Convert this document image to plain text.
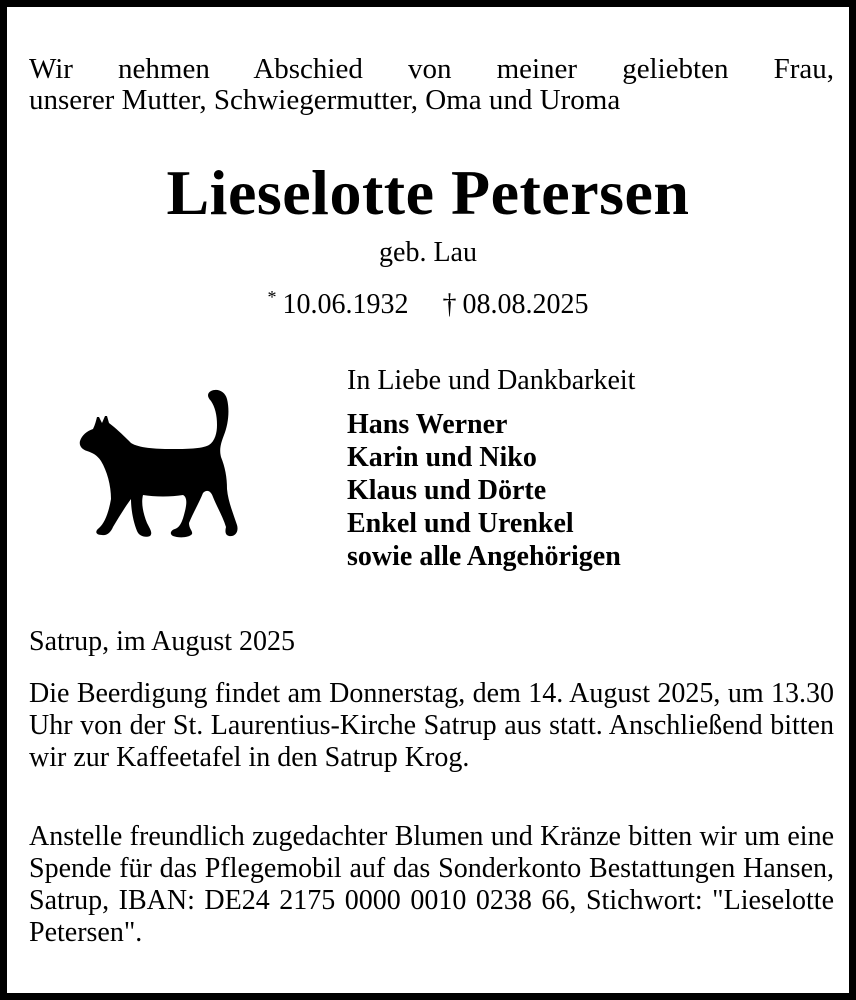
Wir nehmen Abschied von meiner geliebten Frau,
unserer Mutter, Schwiegermutter, Oma und Uroma
Lieselotte Petersen
geb. Lau
* 10.06.1932 † 08.08.2025
In Liebe und Dankbarkeit
Hans Werner
Karin und Niko
Klaus und Dörte
Enkel und Urenkel
sowie alle Angehörigen
Satrup, im August 2025
Die Beerdigung findet am Donnerstag, dem 14. August 2025, um 13.30 Uhr von der St. Laurentius-Kirche Satrup aus statt. Anschließend bitten wir zur Kaffeetafel in den Satrup Krog.
Anstelle freundlich zugedachter Blumen und Kränze bitten wir um eine Spende für das Pflegemobil auf das Sonderkonto Bestattungen Hansen, Satrup, IBAN: DE24 2175 0000 0010 0238 66, Stichwort: "Lieselotte Petersen".
